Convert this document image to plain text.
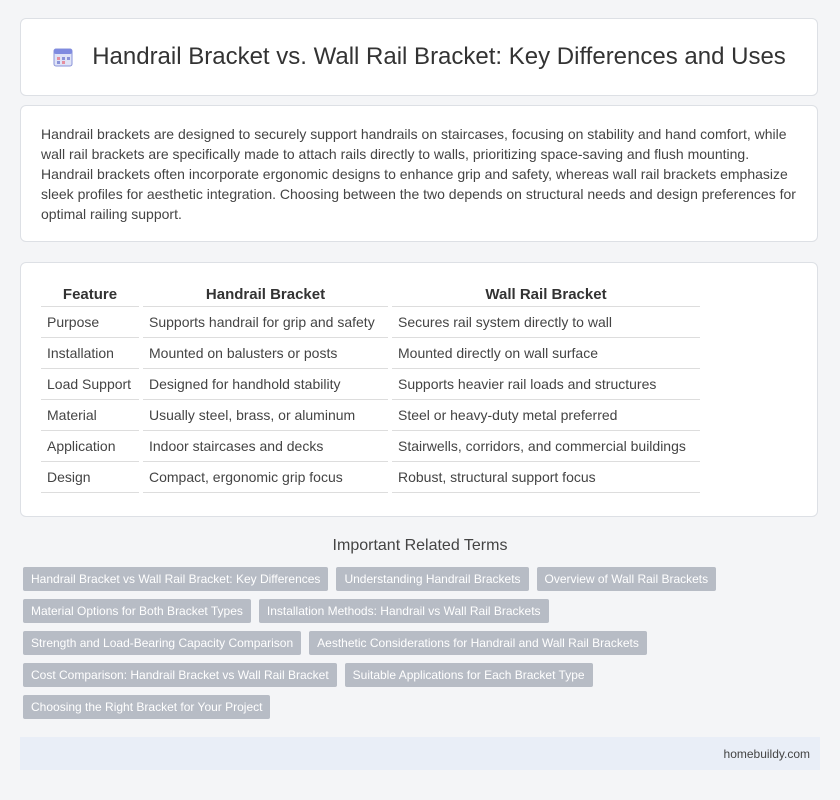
Handrail Bracket vs. Wall Rail Bracket: Key Differences and Uses

Handrail brackets are designed to securely support handrails on staircases, focusing on stability and hand comfort, while wall rail brackets are specifically made to attach rails directly to walls, prioritizing space-saving and flush mounting. Handrail brackets often incorporate ergonomic designs to enhance grip and safety, whereas wall rail brackets emphasize sleek profiles for aesthetic integration. Choosing between the two depends on structural needs and design preferences for optimal railing support.

Feature	Handrail Bracket	Wall Rail Bracket
Purpose	Supports handrail for grip and safety	Secures rail system directly to wall
Installation	Mounted on balusters or posts	Mounted directly on wall surface
Load Support	Designed for handhold stability	Supports heavier rail loads and structures
Material	Usually steel, brass, or aluminum	Steel or heavy-duty metal preferred
Application	Indoor staircases and decks	Stairwells, corridors, and commercial buildings
Design	Compact, ergonomic grip focus	Robust, structural support focus
Important Related Terms
Handrail Bracket vs Wall Rail Bracket: Key Differences	Understanding Handrail Brackets	Overview of Wall Rail Brackets
Material Options for Both Bracket Types	Installation Methods: Handrail vs Wall Rail Brackets
Strength and Load-Bearing Capacity Comparison	Aesthetic Considerations for Handrail and Wall Rail Brackets
Cost Comparison: Handrail Bracket vs Wall Rail Bracket	Suitable Applications for Each Bracket Type
Choosing the Right Bracket for Your Project
homebuildy.com
